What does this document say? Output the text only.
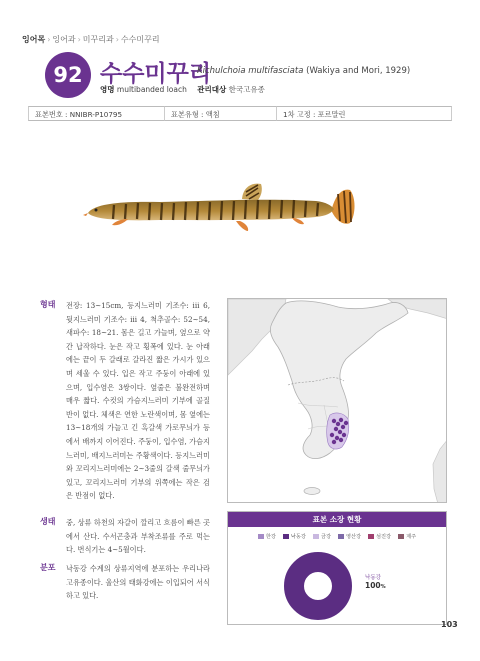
잉어목 › 잉어과 › 미꾸리과 › 수수미꾸리
92 수수미꾸리
Kichulchoia multifasciata (Wakiya and Mori, 1929)
영명 multibanded loach 관리대상 한국고유종
표본번호 : NNIBR-P10795	표본유형 : 액침	1차 고정 : 포르말린
형태 전장: 13~15cm, 등지느러미 기조수: iii 6, 뒷지느러미 기조수: iii 4, 척추골수: 52~54, 새파수: 18~21. 몸은 길고 가늘며, 옆으로 약간 납작하다. 눈은 작고 횡폭에 있다. 눈 아래에는 끝이 두 갈래로 갈라진 짧은 가시가 있으며 세울 수 있다. 입은 작고 주둥이 아래에 있으며, 입수염은 3쌍이다. 옆줄은 불완전하며 매우 짧다. 수컷의 가슴지느러미 기부에 골질반이 없다. 체색은 연한 노란색이며, 몸 옆에는 13~18개의 가늘고 긴 흑갈색 가로무늬가 등에서 배까지 이어진다. 주둥이, 입수염, 가슴지느러미, 배지느러미는 주황색이다. 등지느러미와 꼬리지느러미에는 2~3줄의 갈색 줄무늬가 있고, 꼬리지느러미 기부의 위쪽에는 작은 검은 반점이 없다.
생태 중, 상류 하천의 자갈이 깔리고 흐름이 빠른 곳에서 산다. 수서곤충과 부착조류를 주로 먹는다. 번식기는 4~5월이다.
분포 낙동강 수계의 상류지역에 분포하는 우리나라 고유종이다. 울산의 태화강에는 이입되어 서식하고 있다.
표본 소장 현황
한강	낙동강	금강	영산강	섬진강	제주
낙동강
100%
103
